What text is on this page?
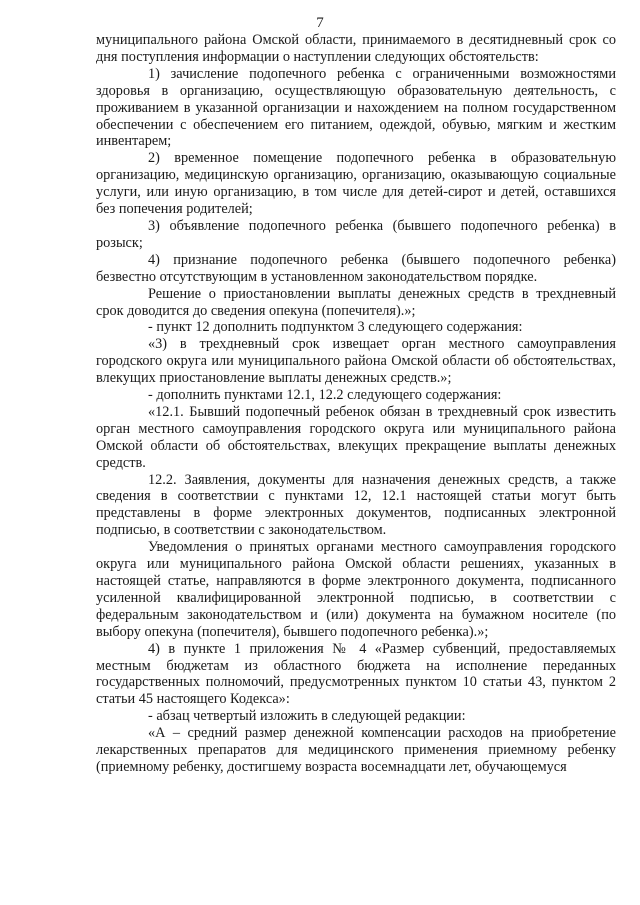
7

муниципального района Омской области, принимаемого в десятидневный срок со дня поступления информации о наступлении следующих обстоятельств:

1) зачисление подопечного ребенка с ограниченными возможностями здоровья в организацию, осуществляющую образовательную деятельность, с проживанием в указанной организации и нахождением на полном государственном обеспечении с обеспечением его питанием, одеждой, обувью, мягким и жестким инвентарем;

2) временное помещение подопечного ребенка в образовательную организацию, медицинскую организацию, организацию, оказывающую социальные услуги, или иную организацию, в том числе для детей-сирот и детей, оставшихся без попечения родителей;

3) объявление подопечного ребенка (бывшего подопечного ребенка) в розыск;

4) признание подопечного ребенка (бывшего подопечного ребенка) безвестно отсутствующим в установленном законодательством порядке.

Решение о приостановлении выплаты денежных средств в трехдневный срок доводится до сведения опекуна (попечителя).»;

- пункт 12 дополнить подпунктом 3 следующего содержания:

«3) в трехдневный срок извещает орган местного самоуправления городского округа или муниципального района Омской области об обстоятельствах, влекущих приостановление выплаты денежных средств.»;

- дополнить пунктами 12.1, 12.2 следующего содержания:

«12.1. Бывший подопечный ребенок обязан в трехдневный срок известить орган местного самоуправления городского округа или муниципального района Омской области об обстоятельствах, влекущих прекращение выплаты денежных средств.

12.2. Заявления, документы для назначения денежных средств, а также сведения в соответствии с пунктами 12, 12.1 настоящей статьи могут быть представлены в форме электронных документов, подписанных электронной подписью, в соответствии с законодательством.

Уведомления о принятых органами местного самоуправления городского округа или муниципального района Омской области решениях, указанных в настоящей статье, направляются в форме электронного документа, подписанного усиленной квалифицированной электронной подписью, в соответствии с федеральным законодательством и (или) документа на бумажном носителе (по выбору опекуна (попечителя), бывшего подопечного ребенка).»;

4) в пункте 1 приложения № 4 «Размер субвенций, предоставляемых местным бюджетам из областного бюджета на исполнение переданных государственных полномочий, предусмотренных пунктом 10 статьи 43, пунктом 2 статьи 45 настоящего Кодекса»:

- абзац четвертый изложить в следующей редакции:

«А – средний размер денежной компенсации расходов на приобретение лекарственных препаратов для медицинского применения приемному ребенку (приемному ребенку, достигшему возраста восемнадцати лет, обучающемуся
